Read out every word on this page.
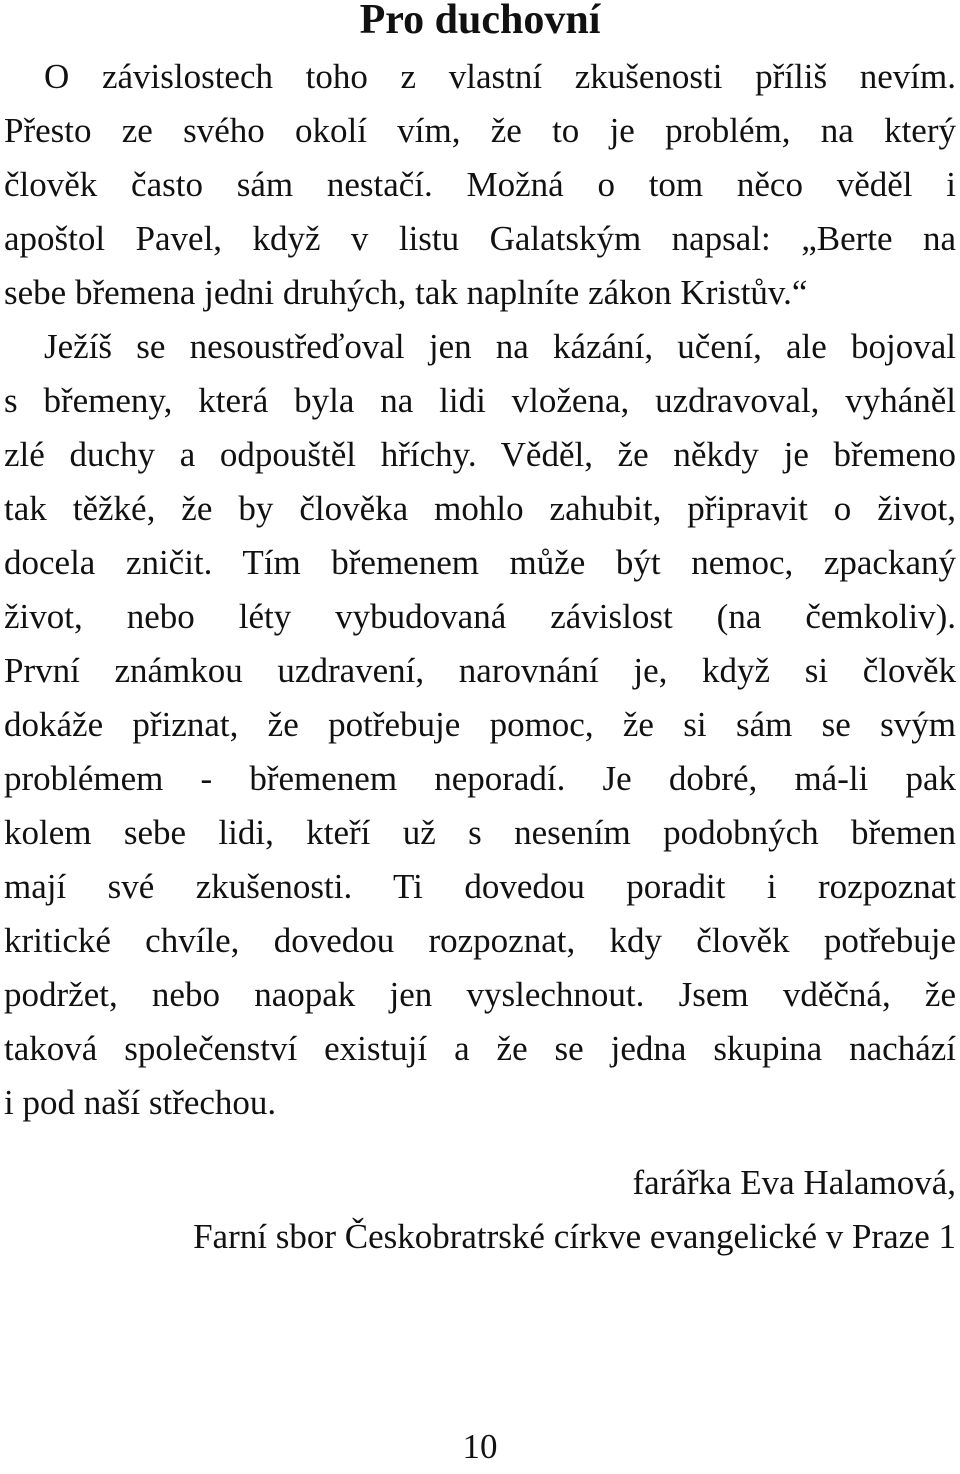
Pro duchovní
O závislostech toho z vlastní zkušenosti příliš nevím.
Přesto ze svého okolí vím, že to je problém, na který
člověk často sám nestačí. Možná o tom něco věděl i
apoštol Pavel, když v listu Galatským napsal: „Berte na
sebe břemena jedni druhých, tak naplníte zákon Kristův.“
Ježíš se nesoustřeďoval jen na kázání, učení, ale bojoval
s břemeny, která byla na lidi vložena, uzdravoval, vyháněl
zlé duchy a odpouštěl hříchy. Věděl, že někdy je břemeno
tak těžké, že by člověka mohlo zahubit, připravit o život,
docela zničit. Tím břemenem může být nemoc, zpackaný
život, nebo léty vybudovaná závislost (na čemkoliv).
První známkou uzdravení, narovnání je, když si člověk
dokáže přiznat, že potřebuje pomoc, že si sám se svým
problémem - břemenem neporadí. Je dobré, má-li pak
kolem sebe lidi, kteří už s nesením podobných břemen
mají své zkušenosti. Ti dovedou poradit i rozpoznat
kritické chvíle, dovedou rozpoznat, kdy člověk potřebuje
podržet, nebo naopak jen vyslechnout. Jsem vděčná, že
taková společenství existují a že se jedna skupina nachází
i pod naší střechou.
farářka Eva Halamová,
Farní sbor Českobratrské církve evangelické v Praze 1
10
